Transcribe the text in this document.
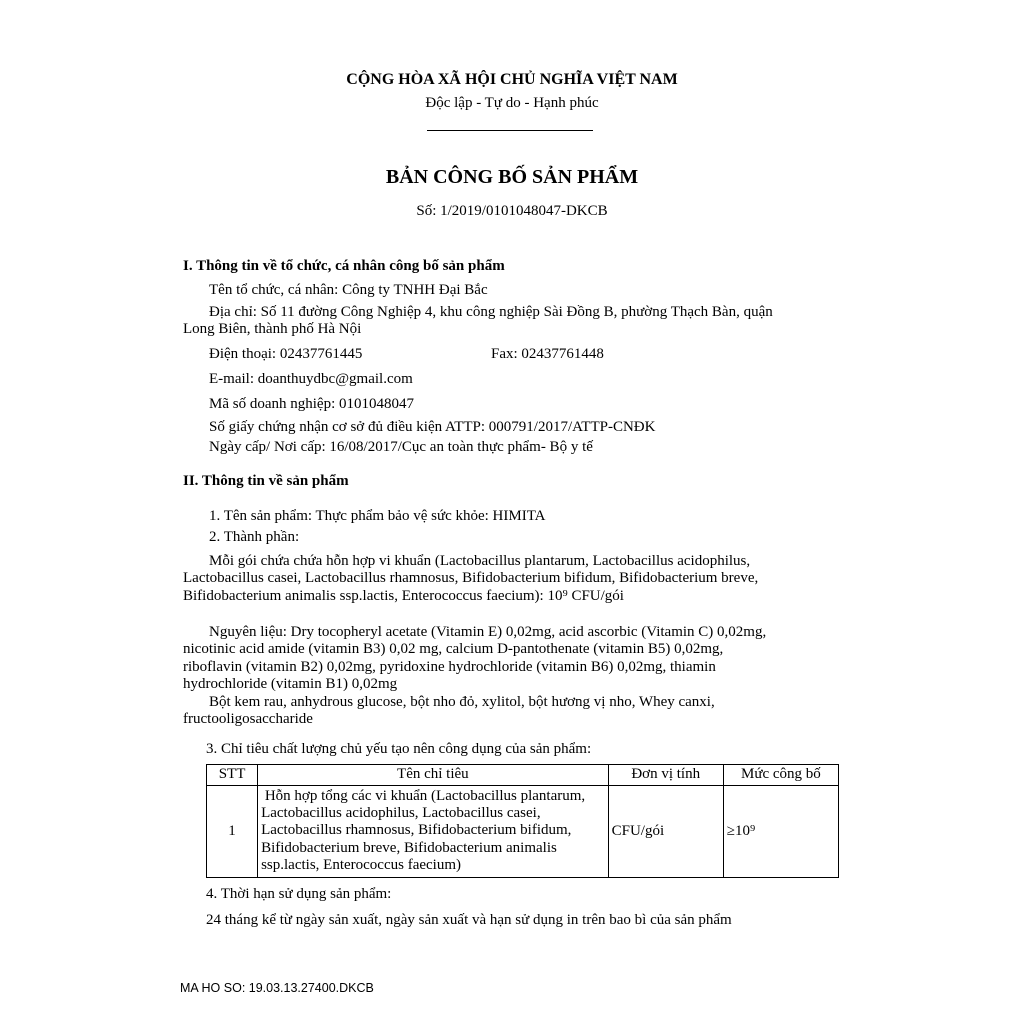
CỘNG HÒA XÃ HỘI CHỦ NGHĨA VIỆT NAM
Độc lập - Tự do - Hạnh phúc
BẢN CÔNG BỐ SẢN PHẨM
Số: 1/2019/0101048047-DKCB
I. Thông tin về tổ chức, cá nhân công bố sản phẩm
Tên tổ chức, cá nhân: Công ty TNHH Đại Bắc
Địa chỉ: Số 11 đường Công Nghiệp 4, khu công nghiệp Sài Đồng B, phường Thạch Bàn, quận
Long Biên, thành phố Hà Nội
Điện thoại: 02437761445	Fax: 02437761448
E-mail: doanthuydbc@gmail.com
Mã số doanh nghiệp: 0101048047
Số giấy chứng nhận cơ sở đủ điều kiện ATTP: 000791/2017/ATTP-CNĐK
Ngày cấp/ Nơi cấp: 16/08/2017/Cục an toàn thực phẩm- Bộ y tế
II. Thông tin về sản phẩm
1. Tên sản phẩm: Thực phẩm bảo vệ sức khỏe: HIMITA
2. Thành phần:

Mỗi gói chứa chứa hỗn hợp vi khuẩn (Lactobacillus plantarum, Lactobacillus acidophilus,

Lactobacillus casei, Lactobacillus rhamnosus, Bifidobacterium bifidum, Bifidobacterium breve,

Bifidobacterium animalis ssp.lactis, Enterococcus faecium): 10⁹ CFU/gói

Nguyên liệu: Dry tocopheryl acetate (Vitamin E) 0,02mg, acid ascorbic (Vitamin C) 0,02mg,

nicotinic acid amide (vitamin B3) 0,02 mg, calcium D-pantothenate (vitamin B5) 0,02mg,

riboflavin (vitamin B2) 0,02mg, pyridoxine hydrochloride (vitamin B6) 0,02mg, thiamin

hydrochloride (vitamin B1) 0,02mg

Bột kem rau, anhydrous glucose, bột nho đỏ, xylitol, bột hương vị nho, Whey canxi,

fructooligosaccharide

3. Chỉ tiêu chất lượng chủ yếu tạo nên công dụng của sản phẩm:
STT	Tên chỉ tiêu	Đơn vị tính	Mức công bố
1	Hỗn hợp tổng các vi khuẩn (Lactobacillus plantarum, Lactobacillus acidophilus, Lactobacillus casei, Lactobacillus rhamnosus, Bifidobacterium bifidum, Bifidobacterium breve, Bifidobacterium animalis ssp.lactis, Enterococcus faecium)	CFU/gói	≥10⁹
4. Thời hạn sử dụng sản phẩm:
24 tháng kể từ ngày sản xuất, ngày sản xuất và hạn sử dụng in trên bao bì của sản phẩm
MA HO SO: 19.03.13.27400.DKCB
